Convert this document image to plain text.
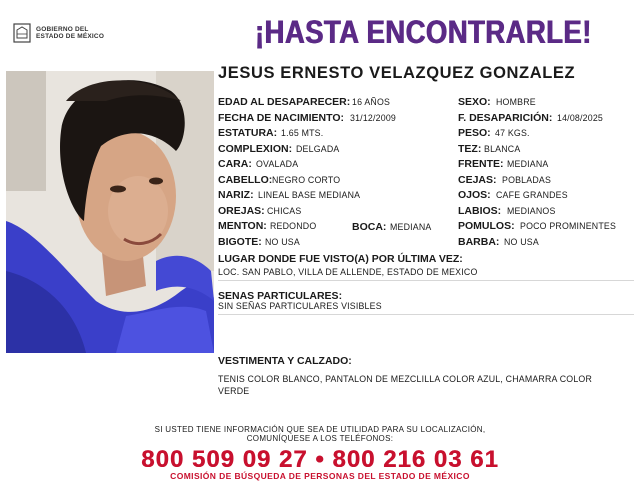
GOBIERNO DEL
ESTADO DE MÉXICO	¡HASTA ENCONTRARLE!
JESUS ERNESTO VELAZQUEZ GONZALEZ
EDAD AL DESAPARECER: 16 AÑOS	SEXO: HOMBRE
FECHA DE NACIMIENTO: 31/12/2009	F. DESAPARICIÓN: 14/08/2025
ESTATURA: 1.65 MTS.	PESO: 47 KGS.
COMPLEXION: DELGADA	TEZ: BLANCA
CARA: OVALADA	FRENTE: MEDIANA
CABELLO: NEGRO CORTO	CEJAS: POBLADAS
NARIZ: LINEAL BASE MEDIANA	OJOS: CAFE GRANDES
OREJAS: CHICAS	LABIOS: MEDIANOS
MENTON: REDONDO	BOCA: MEDIANA	POMULOS: POCO PROMINENTES
BIGOTE: NO USA	BARBA: NO USA
LUGAR DONDE FUE VISTO(A) POR ÚLTIMA VEZ:
LOC. SAN PABLO, VILLA DE ALLENDE, ESTADO DE MEXICO
SENAS PARTICULARES:
SIN SEÑAS PARTICULARES VISIBLES
VESTIMENTA Y CALZADO:
TENIS COLOR BLANCO, PANTALON DE MEZCLILLA COLOR AZUL, CHAMARRA COLOR
VERDE
SI USTED TIENE INFORMACIÓN QUE SEA DE UTILIDAD PARA SU LOCALIZACIÓN,
COMUNÍQUESE A LOS TELÉFONOS:
800 509 09 27 • 800 216 03 61
COMISIÓN DE BÚSQUEDA DE PERSONAS DEL ESTADO DE MÉXICO
